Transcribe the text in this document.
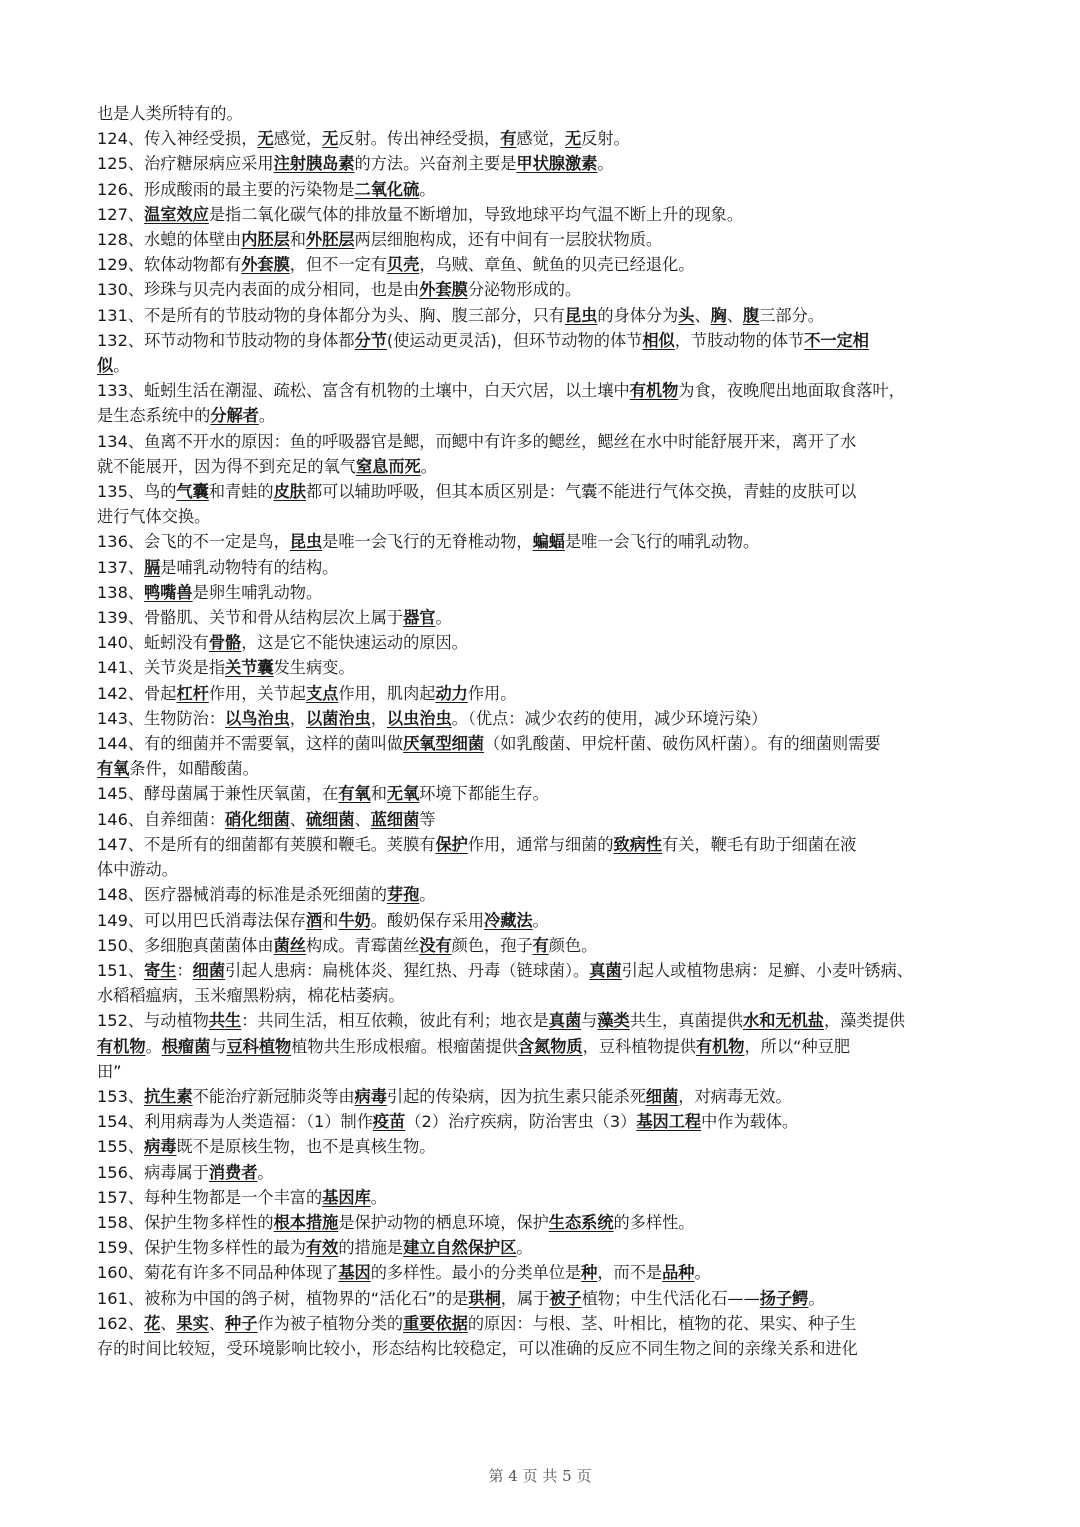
也是人类所特有的。
124、传入神经受损，无感觉，无反射。传出神经受损，有感觉，无反射。
125、治疗糖尿病应采用注射胰岛素的方法。兴奋剂主要是甲状腺激素。
126、形成酸雨的最主要的污染物是二氧化硫。
127、温室效应是指二氧化碳气体的排放量不断增加，导致地球平均气温不断上升的现象。
128、水螅的体壁由内胚层和外胚层两层细胞构成，还有中间有一层胶状物质。
129、软体动物都有外套膜，但不一定有贝壳，乌贼、章鱼、鱿鱼的贝壳已经退化。
130、珍珠与贝壳内表面的成分相同，也是由外套膜分泌物形成的。
131、不是所有的节肢动物的身体都分为头、胸、腹三部分，只有昆虫的身体分为头、胸、腹三部分。
132、环节动物和节肢动物的身体都分节(使运动更灵活)，但环节动物的体节相似，节肢动物的体节不一定相
似。
133、蚯蚓生活在潮湿、疏松、富含有机物的土壤中，白天穴居，以土壤中有机物为食，夜晚爬出地面取食落叶，
是生态系统中的分解者。
134、鱼离不开水的原因：鱼的呼吸器官是鳃，而鳃中有许多的鳃丝，鳃丝在水中时能舒展开来，离开了水
就不能展开，因为得不到充足的氧气窒息而死。
135、鸟的气囊和青蛙的皮肤都可以辅助呼吸，但其本质区别是：气囊不能进行气体交换，青蛙的皮肤可以
进行气体交换。
136、会飞的不一定是鸟，昆虫是唯一会飞行的无脊椎动物，蝙蝠是唯一会飞行的哺乳动物。
137、膈是哺乳动物特有的结构。
138、鸭嘴兽是卵生哺乳动物。
139、骨骼肌、关节和骨从结构层次上属于器官。
140、蚯蚓没有骨骼，这是它不能快速运动的原因。
141、关节炎是指关节囊发生病变。
142、骨起杠杆作用，关节起支点作用，肌肉起动力作用。
143、生物防治：以鸟治虫，以菌治虫，以虫治虫。（优点：减少农药的使用，减少环境污染）
144、有的细菌并不需要氧，这样的菌叫做厌氧型细菌（如乳酸菌、甲烷杆菌、破伤风杆菌）。有的细菌则需要
有氧条件，如醋酸菌。
145、酵母菌属于兼性厌氧菌，在有氧和无氧环境下都能生存。
146、自养细菌：硝化细菌、硫细菌、蓝细菌等
147、不是所有的细菌都有荚膜和鞭毛。荚膜有保护作用，通常与细菌的致病性有关，鞭毛有助于细菌在液
体中游动。
148、医疗器械消毒的标准是杀死细菌的芽孢。
149、可以用巴氏消毒法保存酒和牛奶。酸奶保存采用冷藏法。
150、多细胞真菌菌体由菌丝构成。青霉菌丝没有颜色，孢子有颜色。
151、寄生：细菌引起人患病：扁桃体炎、猩红热、丹毒（链球菌）。真菌引起人或植物患病：足癣、小麦叶锈病、
水稻稻瘟病，玉米瘤黑粉病，棉花枯萎病。
152、与动植物共生：共同生活，相互依赖，彼此有利；地衣是真菌与藻类共生，真菌提供水和无机盐，藻类提供
有机物。根瘤菌与豆科植物植物共生形成根瘤。根瘤菌提供含氮物质，豆科植物提供有机物，所以“种豆肥
田”
153、抗生素不能治疗新冠肺炎等由病毒引起的传染病，因为抗生素只能杀死细菌，对病毒无效。
154、利用病毒为人类造福：（1）制作疫苗（2）治疗疾病，防治害虫（3）基因工程中作为载体。
155、病毒既不是原核生物，也不是真核生物。
156、病毒属于消费者。
157、每种生物都是一个丰富的基因库。
158、保护生物多样性的根本措施是保护动物的栖息环境，保护生态系统的多样性。
159、保护生物多样性的最为有效的措施是建立自然保护区。
160、菊花有许多不同品种体现了基因的多样性。最小的分类单位是种，而不是品种。
161、被称为中国的鸽子树，植物界的“活化石”的是珙桐，属于被子植物；中生代活化石——扬子鳄。
162、花、果实、种子作为被子植物分类的重要依据的原因：与根、茎、叶相比，植物的花、果实、种子生
存的时间比较短，受环境影响比较小，形态结构比较稳定，可以准确的反应不同生物之间的亲缘关系和进化
第 4 页 共 5 页
